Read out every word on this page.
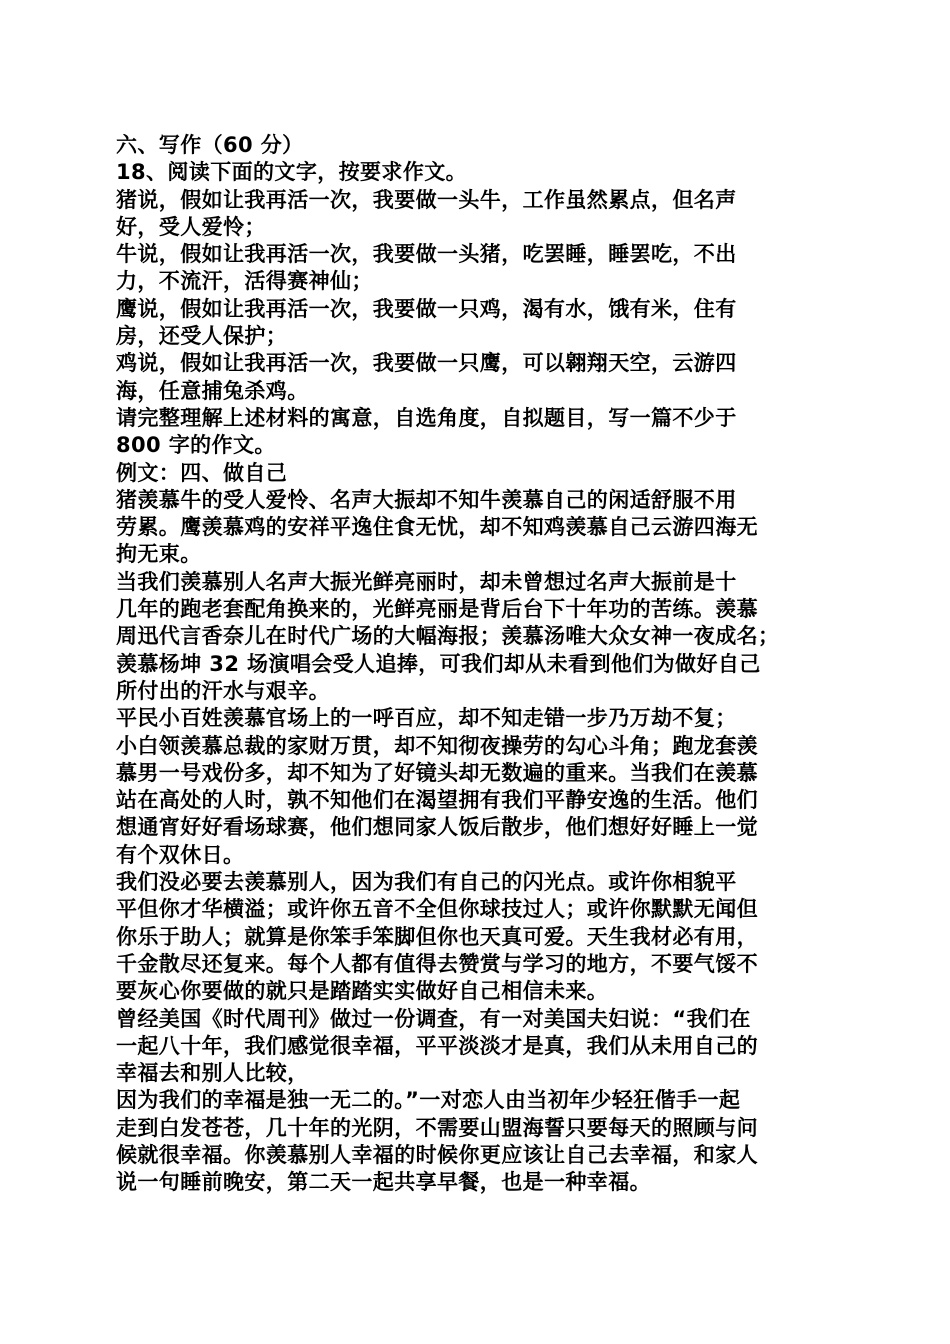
六、写作（60 分）
18、阅读下面的文字，按要求作文。
猪说，假如让我再活一次，我要做一头牛，工作虽然累点，但名声
好，受人爱怜；
牛说，假如让我再活一次，我要做一头猪，吃罢睡，睡罢吃，不出
力，不流汗，活得赛神仙；
鹰说，假如让我再活一次，我要做一只鸡，渴有水，饿有米，住有
房，还受人保护；
鸡说，假如让我再活一次，我要做一只鹰，可以翱翔天空，云游四
海，任意捕兔杀鸡。
请完整理解上述材料的寓意，自选角度，自拟题目，写一篇不少于
800 字的作文。
例文：四、做自己
猪羡慕牛的受人爱怜、名声大振却不知牛羡慕自己的闲适舒服不用
劳累。鹰羡慕鸡的安祥平逸住食无忧，却不知鸡羡慕自己云游四海无
拘无束。
当我们羡慕别人名声大振光鲜亮丽时，却未曾想过名声大振前是十
几年的跑老套配角换来的，光鲜亮丽是背后台下十年功的苦练。羡慕
周迅代言香奈儿在时代广场的大幅海报；羡慕汤唯大众女神一夜成名；
羡慕杨坤 32 场演唱会受人追捧，可我们却从未看到他们为做好自己
所付出的汗水与艰辛。
平民小百姓羡慕官场上的一呼百应，却不知走错一步乃万劫不复；
小白领羡慕总裁的家财万贯，却不知彻夜操劳的勾心斗角；跑龙套羡
慕男一号戏份多，却不知为了好镜头却无数遍的重来。当我们在羡慕
站在高处的人时，孰不知他们在渴望拥有我们平静安逸的生活。他们
想通宵好好看场球赛，他们想同家人饭后散步，他们想好好睡上一觉
有个双休日。
我们没必要去羡慕别人，因为我们有自己的闪光点。或许你相貌平
平但你才华横溢；或许你五音不全但你球技过人；或许你默默无闻但
你乐于助人；就算是你笨手笨脚但你也天真可爱。天生我材必有用，
千金散尽还复来。每个人都有值得去赞赏与学习的地方，不要气馁不
要灰心你要做的就只是踏踏实实做好自己相信未来。
曾经美国《时代周刊》做过一份调查，有一对美国夫妇说：“我们在
一起八十年，我们感觉很幸福，平平淡淡才是真，我们从未用自己的
幸福去和别人比较，
因为我们的幸福是独一无二的。”一对恋人由当初年少轻狂偕手一起
走到白发苍苍，几十年的光阴，不需要山盟海誓只要每天的照顾与问
候就很幸福。你羡慕别人幸福的时候你更应该让自己去幸福，和家人
说一句睡前晚安，第二天一起共享早餐，也是一种幸福。
